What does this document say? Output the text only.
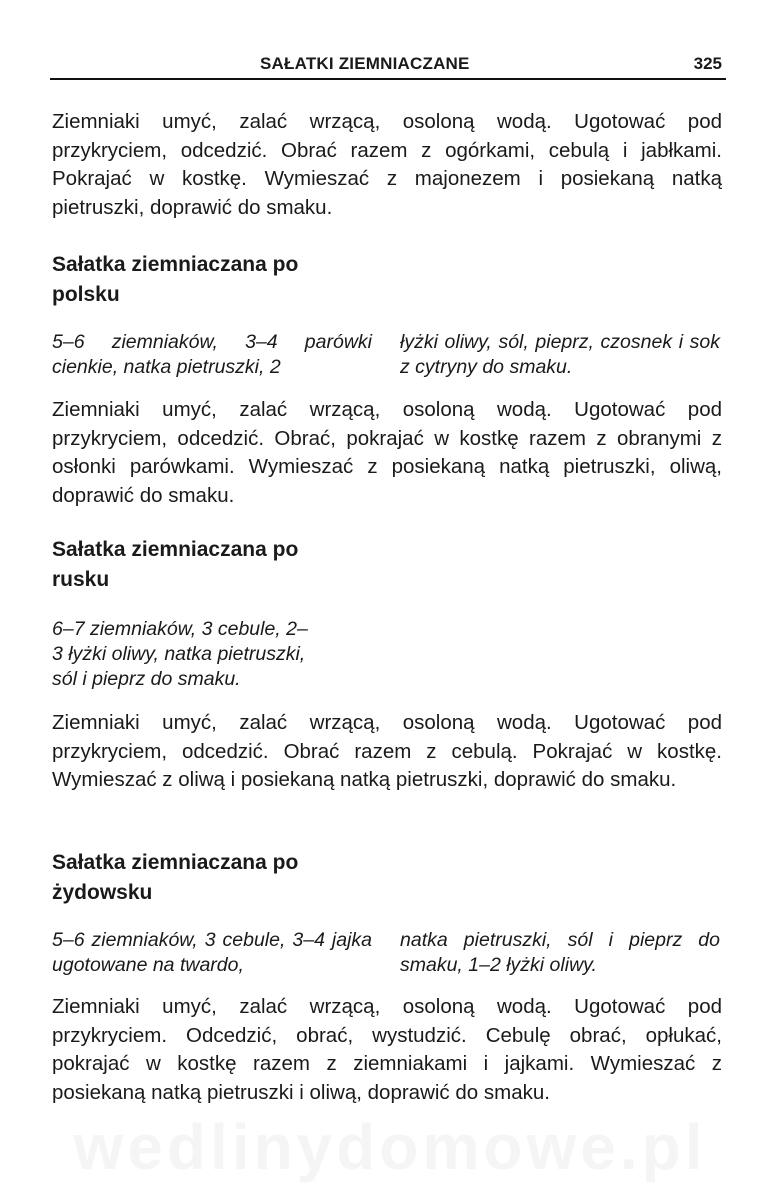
SAŁATKI ZIEMNIACZANE	325

Ziemniaki umyć, zalać wrzącą, osoloną wodą. Ugotować pod przykryciem, odcedzić. Obrać razem z ogórkami, cebulą i jabłkami. Pokrajać w kostkę. Wymieszać z majonezem i posiekaną natką pietruszki, doprawić do smaku.

Sałatka ziemniaczana po
polsku

5–6 ziemniaków, 3–4 parówki cienkie, natka pietruszki, 2

łyżki oliwy, sól, pieprz, czosnek i sok z cytryny do smaku.

Ziemniaki umyć, zalać wrzącą, osoloną wodą. Ugotować pod przykryciem, odcedzić. Obrać, pokrajać w kostkę razem z obranymi z osłonki parówkami. Wymieszać z posiekaną natką pietruszki, oliwą, doprawić do smaku.

Sałatka ziemniaczana po
rusku

6–7 ziemniaków, 3 cebule, 2–
3 łyżki oliwy, natka pietruszki,
sól i pieprz do smaku.

Ziemniaki umyć, zalać wrzącą, osoloną wodą. Ugotować pod przykryciem, odcedzić. Obrać razem z cebulą. Pokrajać w kostkę. Wymieszać z oliwą i posiekaną natką pietruszki, doprawić do smaku.

Sałatka ziemniaczana po
żydowsku

5–6 ziemniaków, 3 cebule, 3–4 jajka ugotowane na twardo,

natka pietruszki, sól i pieprz do smaku, 1–2 łyżki oliwy.

Ziemniaki umyć, zalać wrzącą, osoloną wodą. Ugotować pod przykryciem. Odcedzić, obrać, wystudzić. Cebulę obrać, opłukać, pokrajać w kostkę razem z ziemniakami i jajkami. Wymieszać z posiekaną natką pietruszki i oliwą, doprawić do smaku.

wedlinydomowe.pl
